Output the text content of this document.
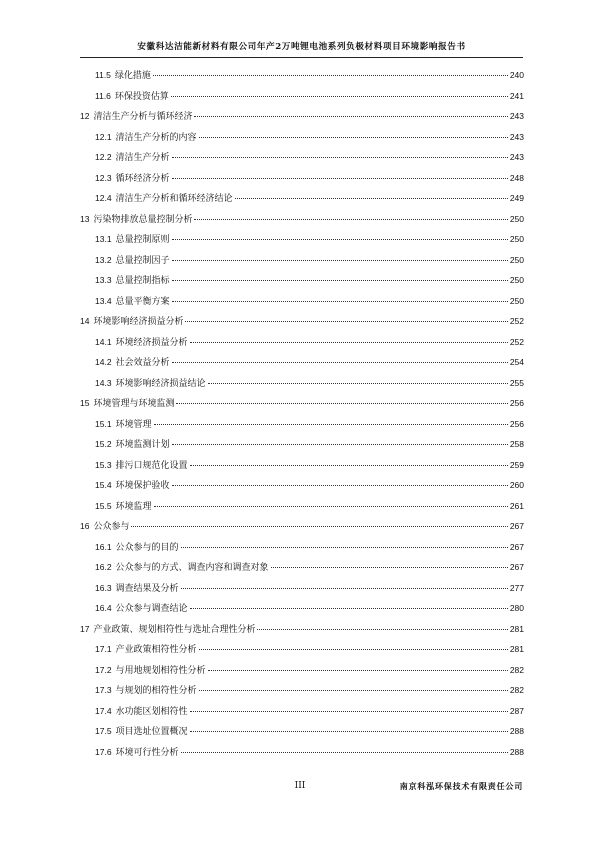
安徽科达洁能新材料有限公司年产2万吨锂电池系列负极材料项目环境影响报告书
11.5 绿化措施	240
11.6 环保投资估算	241
12 清洁生产分析与循环经济	243
12.1 清洁生产分析的内容	243
12.2 清洁生产分析	243
12.3 循环经济分析	248
12.4 清洁生产分析和循环经济结论	249
13 污染物排放总量控制分析	250
13.1 总量控制原则	250
13.2 总量控制因子	250
13.3 总量控制指标	250
13.4 总量平衡方案	250
14 环境影响经济损益分析	252
14.1 环境经济损益分析	252
14.2 社会效益分析	254
14.3 环境影响经济损益结论	255
15 环境管理与环境监测	256
15.1 环境管理	256
15.2 环境监测计划	258
15.3 排污口规范化设置	259
15.4 环境保护验收	260
15.5 环境监理	261
16 公众参与	267
16.1 公众参与的目的	267
16.2 公众参与的方式、调查内容和调查对象	267
16.3 调查结果及分析	277
16.4 公众参与调查结论	280
17 产业政策、规划相符性与选址合理性分析	281
17.1 产业政策相符性分析	281
17.2 与用地规划相符性分析	282
17.3 与规划的相符性分析	282
17.4 水功能区划相符性	287
17.5 项目选址位置概况	288
17.6 环境可行性分析	288
III	南京科泓环保技术有限责任公司
